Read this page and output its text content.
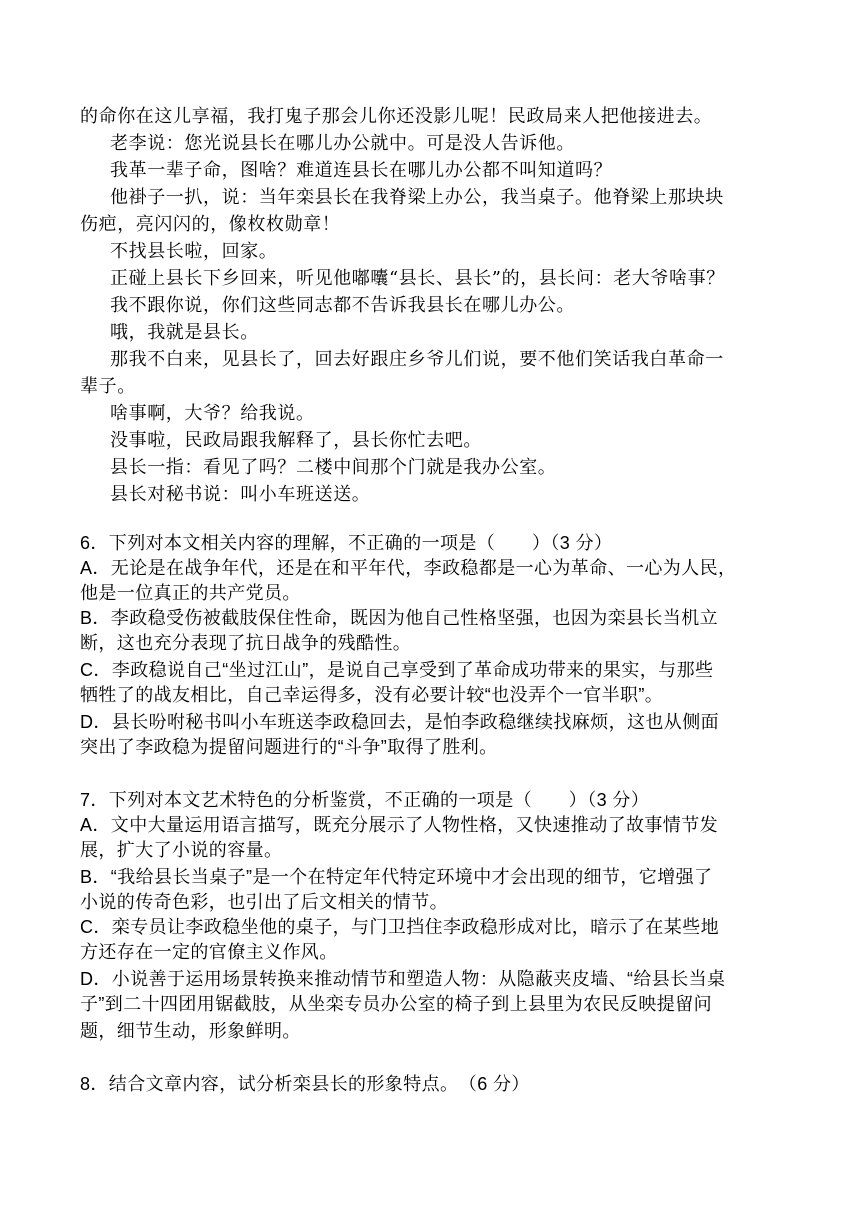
的命你在这儿享福，我打鬼子那会儿你还没影儿呢！民政局来人把他接进去。
老李说：您光说县长在哪儿办公就中。可是没人告诉他。
我革一辈子命，图啥？难道连县长在哪儿办公都不叫知道吗？
他褂子一扒，说：当年栾县长在我脊梁上办公，我当桌子。他脊梁上那块块
伤疤，亮闪闪的，像枚枚勋章！
不找县长啦，回家。
正碰上县长下乡回来，听见他嘟囔“县长、县长”的，县长问：老大爷啥事？
我不跟你说，你们这些同志都不告诉我县长在哪儿办公。
哦，我就是县长。
那我不白来，见县长了，回去好跟庄乡爷儿们说，要不他们笑话我白革命一
辈子。
啥事啊，大爷？给我说。
没事啦，民政局跟我解释了，县长你忙去吧。
县长一指：看见了吗？二楼中间那个门就是我办公室。
县长对秘书说：叫小车班送送。
6．下列对本文相关内容的理解，不正确的一项是（　　）（3 分）
A．无论是在战争年代，还是在和平年代，李政稳都是一心为革命、一心为人民，
他是一位真正的共产党员。
B．李政稳受伤被截肢保住性命，既因为他自己性格坚强，也因为栾县长当机立
断，这也充分表现了抗日战争的残酷性。
C．李政稳说自己“坐过江山”，是说自己享受到了革命成功带来的果实，与那些
牺牲了的战友相比，自己幸运得多，没有必要计较“也没弄个一官半职”。
D．县长吩咐秘书叫小车班送李政稳回去，是怕李政稳继续找麻烦，这也从侧面
突出了李政稳为提留问题进行的“斗争”取得了胜利。
7．下列对本文艺术特色的分析鉴赏，不正确的一项是（　　）（3 分）
A．文中大量运用语言描写，既充分展示了人物性格，又快速推动了故事情节发
展，扩大了小说的容量。
B．“我给县长当桌子”是一个在特定年代特定环境中才会出现的细节，它增强了
小说的传奇色彩，也引出了后文相关的情节。
C．栾专员让李政稳坐他的桌子，与门卫挡住李政稳形成对比，暗示了在某些地
方还存在一定的官僚主义作风。
D．小说善于运用场景转换来推动情节和塑造人物：从隐蔽夹皮墙、“给县长当桌
子”到二十四团用锯截肢，从坐栾专员办公室的椅子到上县里为农民反映提留问
题，细节生动，形象鲜明。
8．结合文章内容，试分析栾县长的形象特点。　（6 分）
